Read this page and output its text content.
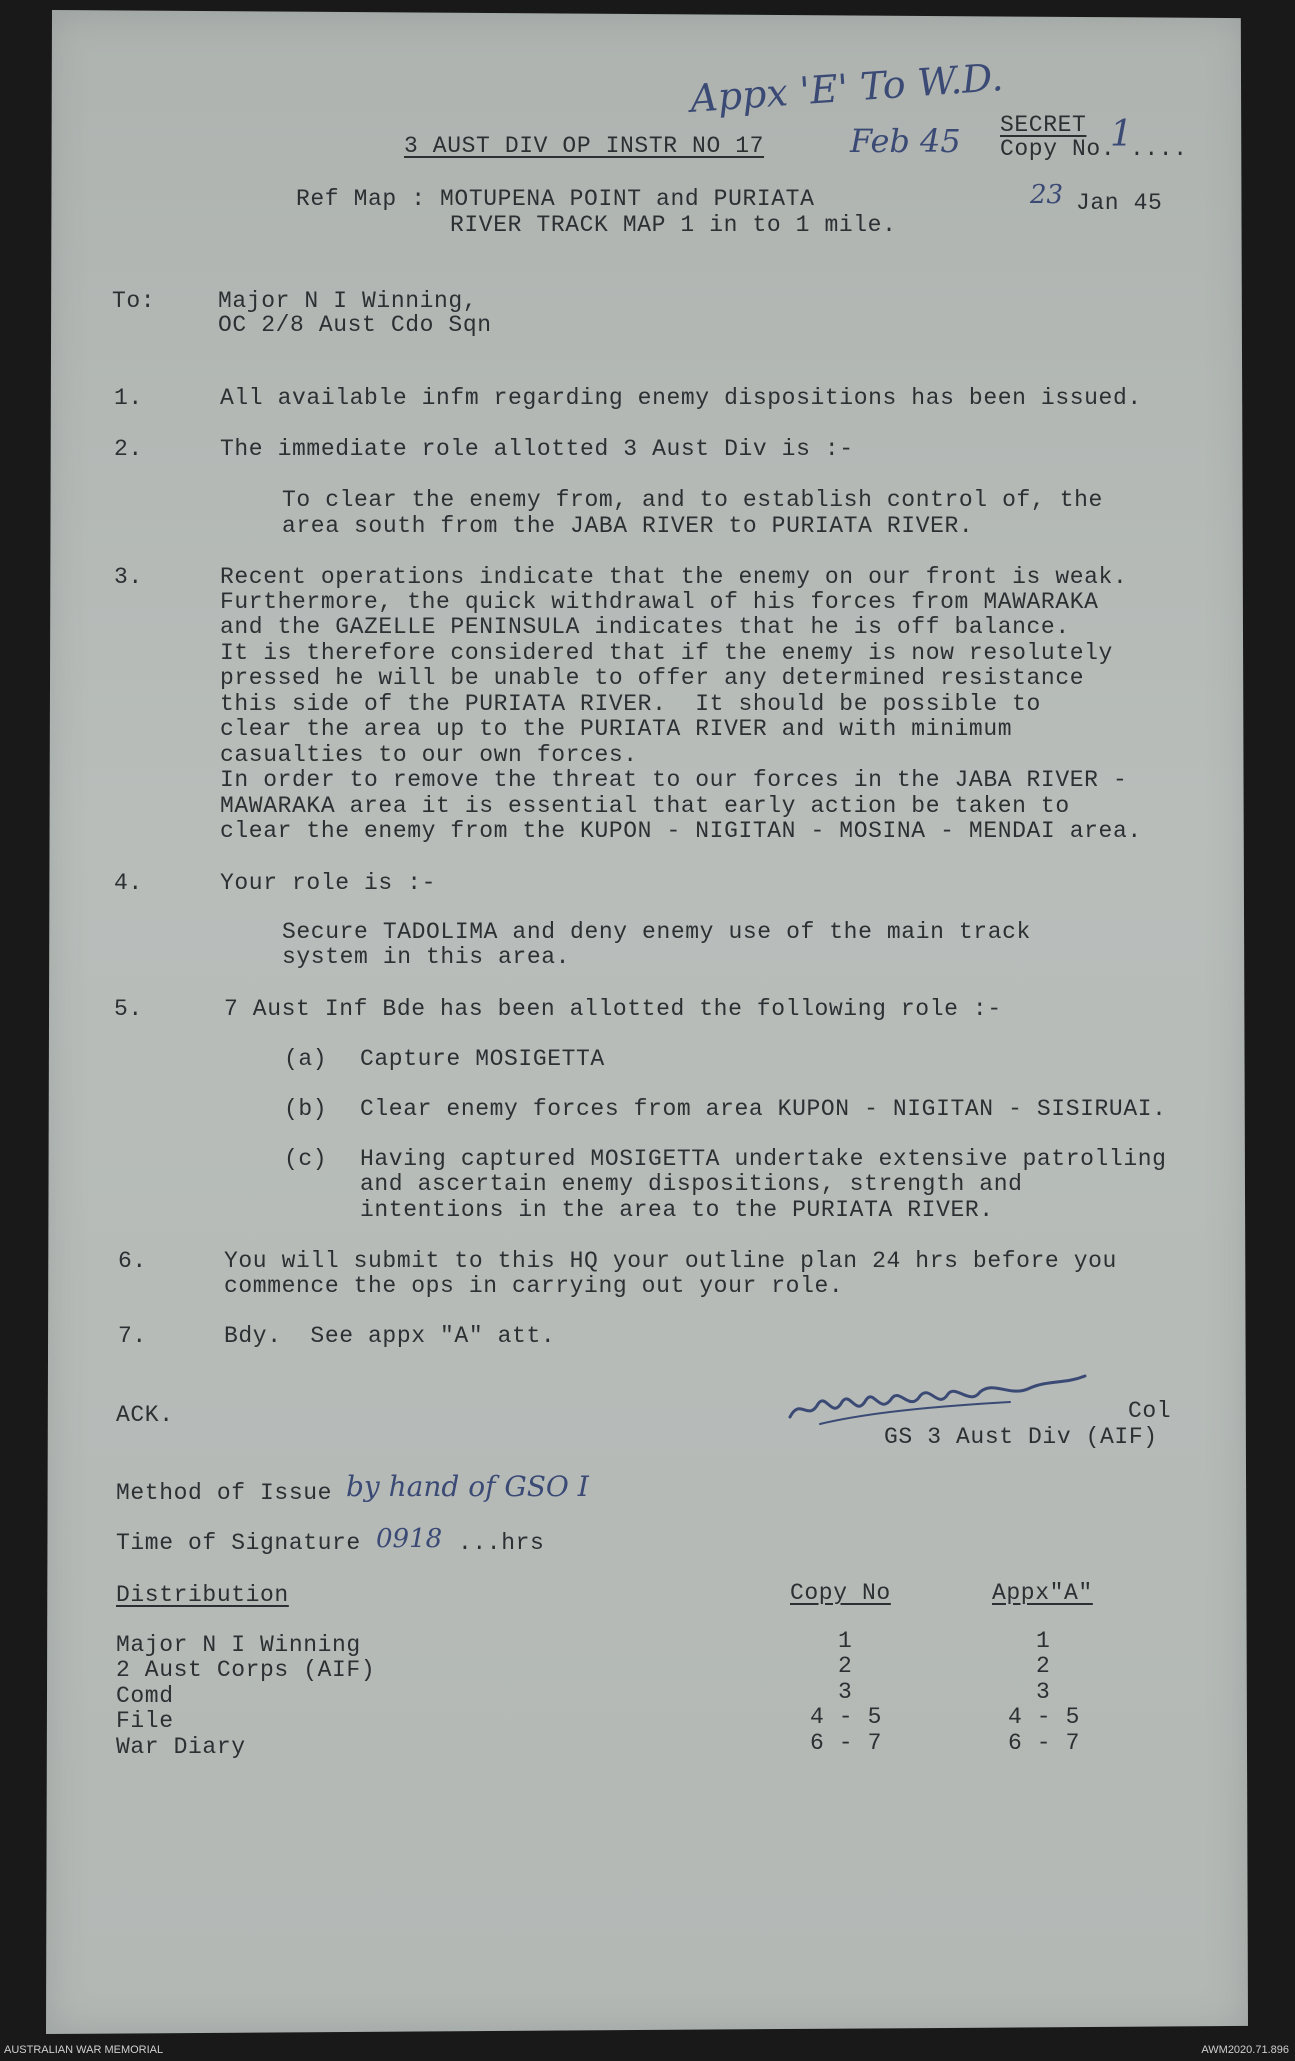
Appx 'E' To W.D.
Feb 45	1
23
3 AUST DIV OP INSTR NO 17
SECRET
Copy No. ....
Ref Map : MOTUPENA POINT and PURIATA
RIVER TRACK MAP 1 in to 1 mile.
Jan 45
To:	Major N I Winning,
OC 2/8 Aust Cdo Sqn
1.	All available infm regarding enemy dispositions has been issued.
2.	The immediate role allotted 3 Aust Div is :-
To clear the enemy from, and to establish control of, the
area south from the JABA RIVER to PURIATA RIVER.
3.	Recent operations indicate that the enemy on our front is weak.
Furthermore, the quick withdrawal of his forces from MAWARAKA
and the GAZELLE PENINSULA indicates that he is off balance.
It is therefore considered that if the enemy is now resolutely
pressed he will be unable to offer any determined resistance
this side of the PURIATA RIVER.  It should be possible to
clear the area up to the PURIATA RIVER and with minimum
casualties to our own forces.
In order to remove the threat to our forces in the JABA RIVER -
MAWARAKA area it is essential that early action be taken to
clear the enemy from the KUPON - NIGITAN - MOSINA - MENDAI area.
4.	Your role is :-
Secure TADOLIMA and deny enemy use of the main track
system in this area.
5.	7 Aust Inf Bde has been allotted the following role :-
(a) Capture MOSIGETTA
(b) Clear enemy forces from area KUPON - NIGITAN - SISIRUAI.
(c) Having captured MOSIGETTA undertake extensive patrolling
and ascertain enemy dispositions, strength and
intentions in the area to the PURIATA RIVER.
6.	You will submit to this HQ your outline plan 24 hrs before you
commence the ops in carrying out your role.
7.	Bdy.  See appx "A" att.
ACK.	Col
GS 3 Aust Div (AIF)
Method of Issue by hand of GSO I
Time of Signature 0918 ...hrs
Distribution	Copy No	Appx"A"
Major N I Winning	1	1
2 Aust Corps (AIF)	2	2
Comd	3	3
File	4 - 5	4 - 5
War Diary	6 - 7	6 - 7
AUSTRALIAN WAR MEMORIAL	AWM2020.71.896
